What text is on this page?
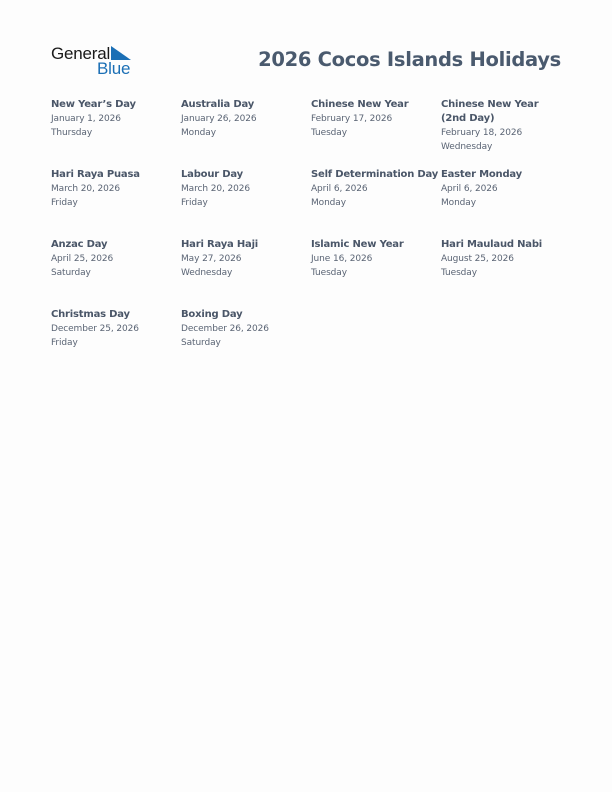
General
Blue	2026 Cocos Islands Holidays
New Year’s Day
January 1, 2026
Thursday
Australia Day
January 26, 2026
Monday
Chinese New Year
February 17, 2026
Tuesday
Chinese New Year (2nd Day)
February 18, 2026
Wednesday
Hari Raya Puasa
March 20, 2026
Friday
Labour Day
March 20, 2026
Friday
Self Determination Day
April 6, 2026
Monday
Easter Monday
April 6, 2026
Monday
Anzac Day
April 25, 2026
Saturday
Hari Raya Haji
May 27, 2026
Wednesday
Islamic New Year
June 16, 2026
Tuesday
Hari Maulaud Nabi
August 25, 2026
Tuesday
Christmas Day
December 25, 2026
Friday
Boxing Day
December 26, 2026
Saturday
